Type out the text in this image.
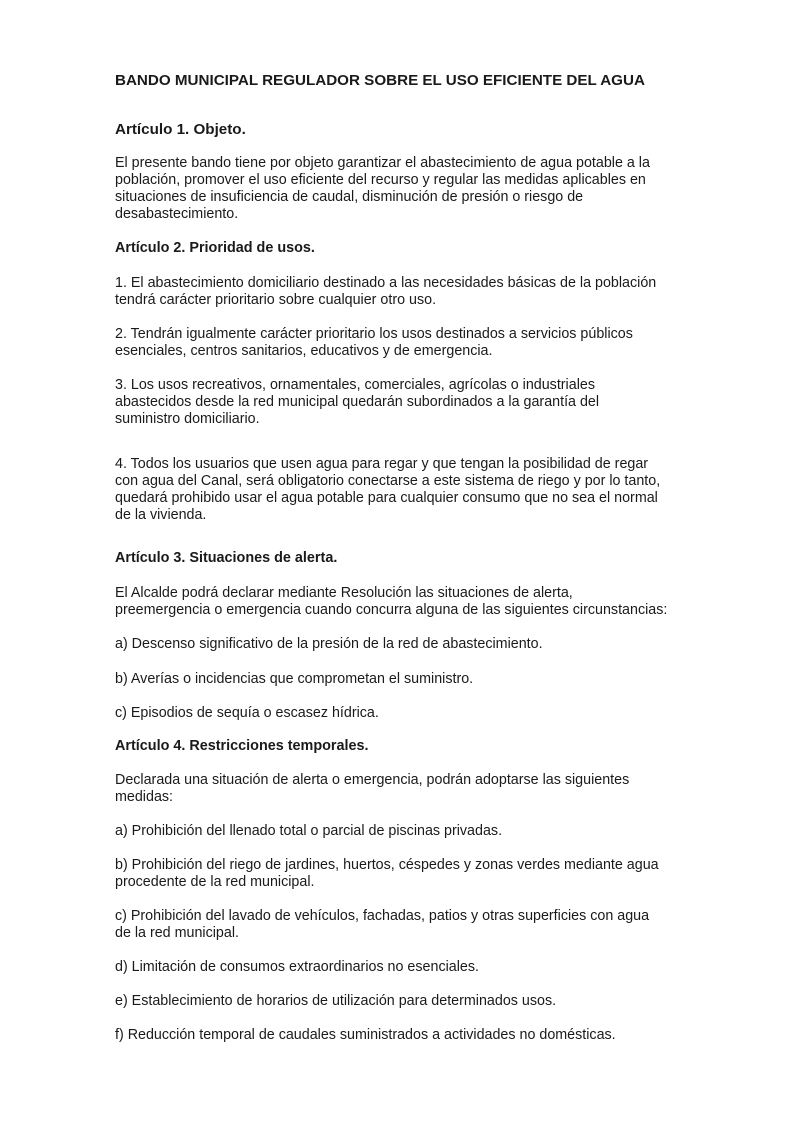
BANDO MUNICIPAL REGULADOR SOBRE EL USO EFICIENTE DEL AGUA
Artículo 1. Objeto.

El presente bando tiene por objeto garantizar el abastecimiento de agua potable a la
población, promover el uso eficiente del recurso y regular las medidas aplicables en
situaciones de insuficiencia de caudal, disminución de presión o riesgo de
desabastecimiento.

Artículo 2. Prioridad de usos.

1. El abastecimiento domiciliario destinado a las necesidades básicas de la población
tendrá carácter prioritario sobre cualquier otro uso.

2. Tendrán igualmente carácter prioritario los usos destinados a servicios públicos
esenciales, centros sanitarios, educativos y de emergencia.

3. Los usos recreativos, ornamentales, comerciales, agrícolas o industriales
abastecidos desde la red municipal quedarán subordinados a la garantía del
suministro domiciliario.

4. Todos los usuarios que usen agua para regar y que tengan la posibilidad de regar
con agua del Canal, será obligatorio conectarse a este sistema de riego y por lo tanto,
quedará prohibido usar el agua potable para cualquier consumo que no sea el normal
de la vivienda.

Artículo 3. Situaciones de alerta.

El Alcalde podrá declarar mediante Resolución las situaciones de alerta,
preemergencia o emergencia cuando concurra alguna de las siguientes circunstancias:

a) Descenso significativo de la presión de la red de abastecimiento.

b) Averías o incidencias que comprometan el suministro.

c) Episodios de sequía o escasez hídrica.

Artículo 4. Restricciones temporales.

Declarada una situación de alerta o emergencia, podrán adoptarse las siguientes
medidas:

a) Prohibición del llenado total o parcial de piscinas privadas.

b) Prohibición del riego de jardines, huertos, céspedes y zonas verdes mediante agua
procedente de la red municipal.

c) Prohibición del lavado de vehículos, fachadas, patios y otras superficies con agua
de la red municipal.

d) Limitación de consumos extraordinarios no esenciales.

e) Establecimiento de horarios de utilización para determinados usos.

f) Reducción temporal de caudales suministrados a actividades no domésticas.
